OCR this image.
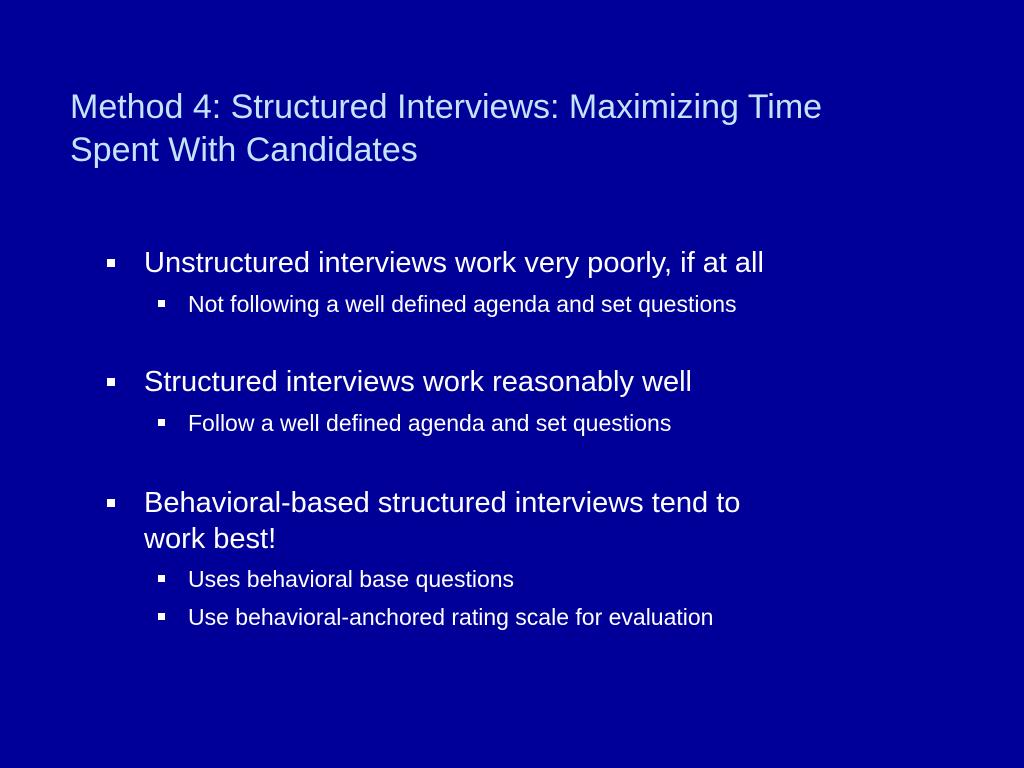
Method 4: Structured Interviews: Maximizing Time
Spent With Candidates
Unstructured interviews work very poorly, if at all
Not following a well defined agenda and set questions
Structured interviews work reasonably well
Follow a well defined agenda and set questions
Behavioral-based structured interviews tend to
work best!
Uses behavioral base questions
Use behavioral-anchored rating scale for evaluation
